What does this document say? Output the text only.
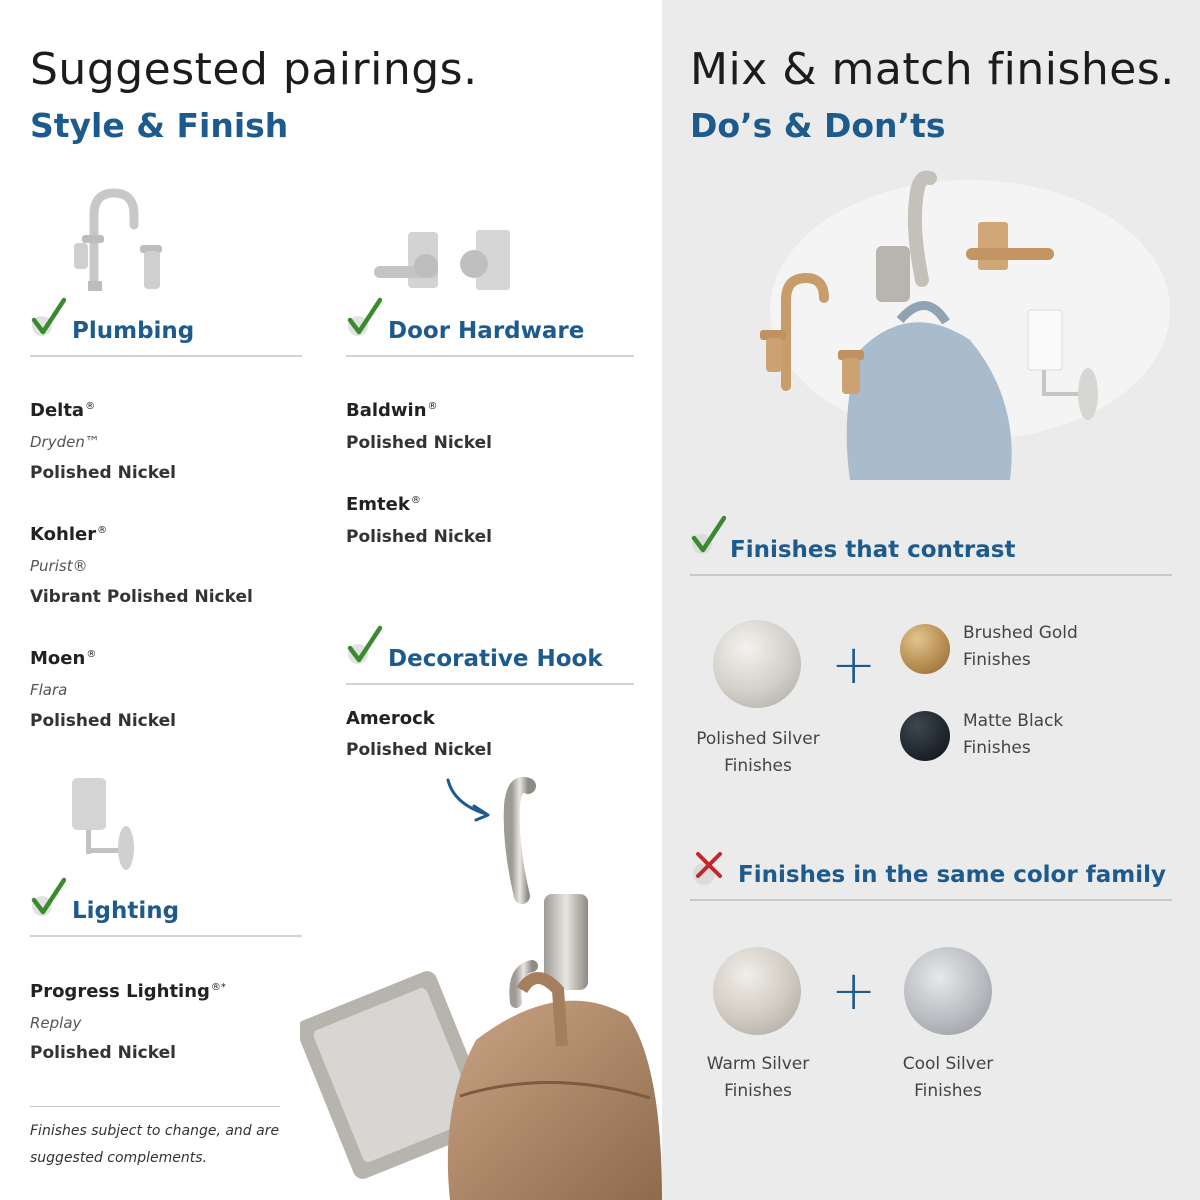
Suggested pairings.
Style & Finish
Plumbing
Delta®
Dryden™
Polished Nickel
Kohler®
Purist®
Vibrant Polished Nickel
Moen®
Flara
Polished Nickel
Door Hardware
Baldwin®
Polished Nickel
Emtek®
Polished Nickel
Decorative Hook
Amerock
Polished Nickel
Lighting
Progress Lighting®*
Replay
Polished Nickel
Finishes subject to change, and are suggested complements.
Mix & match finishes.
Do’s & Don’ts
Finishes that contrast
Polished Silver Finishes
+	Brushed Gold Finishes
Matte Black Finishes
Finishes in the same color family
Warm Silver Finishes
+
Cool Silver Finishes
